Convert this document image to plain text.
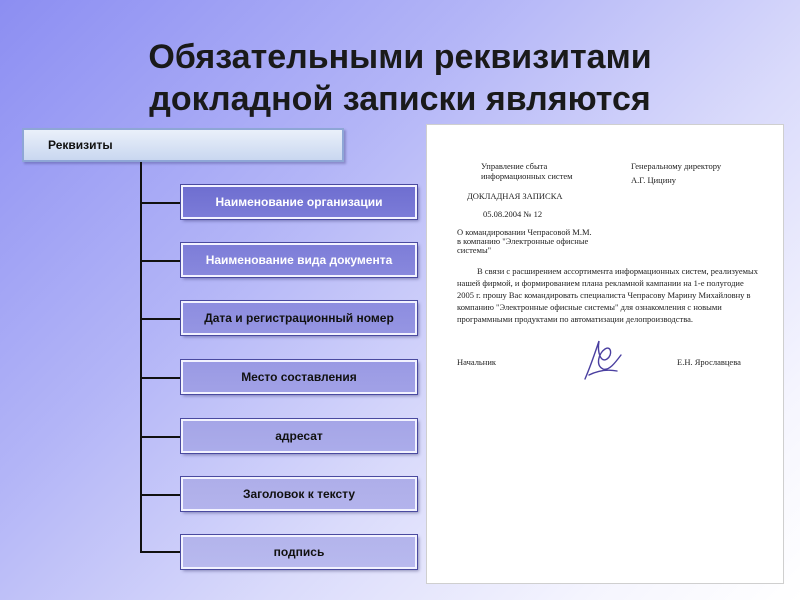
Обязательными реквизитами
докладной записки являются
Реквизиты
Наименование организации
Наименование вида документа
Дата и регистрационный номер
Место составления
адресат
Заголовок к тексту
подпись
Управление сбыта
информационных систем
Генеральному директору
А.Г. Цицину
ДОКЛАДНАЯ ЗАПИСКА
05.08.2004 № 12
О командировании Чепрасовой М.М.
в компанию "Электронные офисные
системы"
В связи с расширением ассортимента информационных систем, реализуемых
нашей фирмой, и формированием плана рекламной кампании на 1-е полугодие
2005 г. прошу Вас командировать специалиста Чепрасову Марину Михайловну в
компанию "Электронные офисные системы" для ознакомления с новыми
программными продуктами по автоматизации делопроизводства.
Начальник	Е.Н. Ярославцева
